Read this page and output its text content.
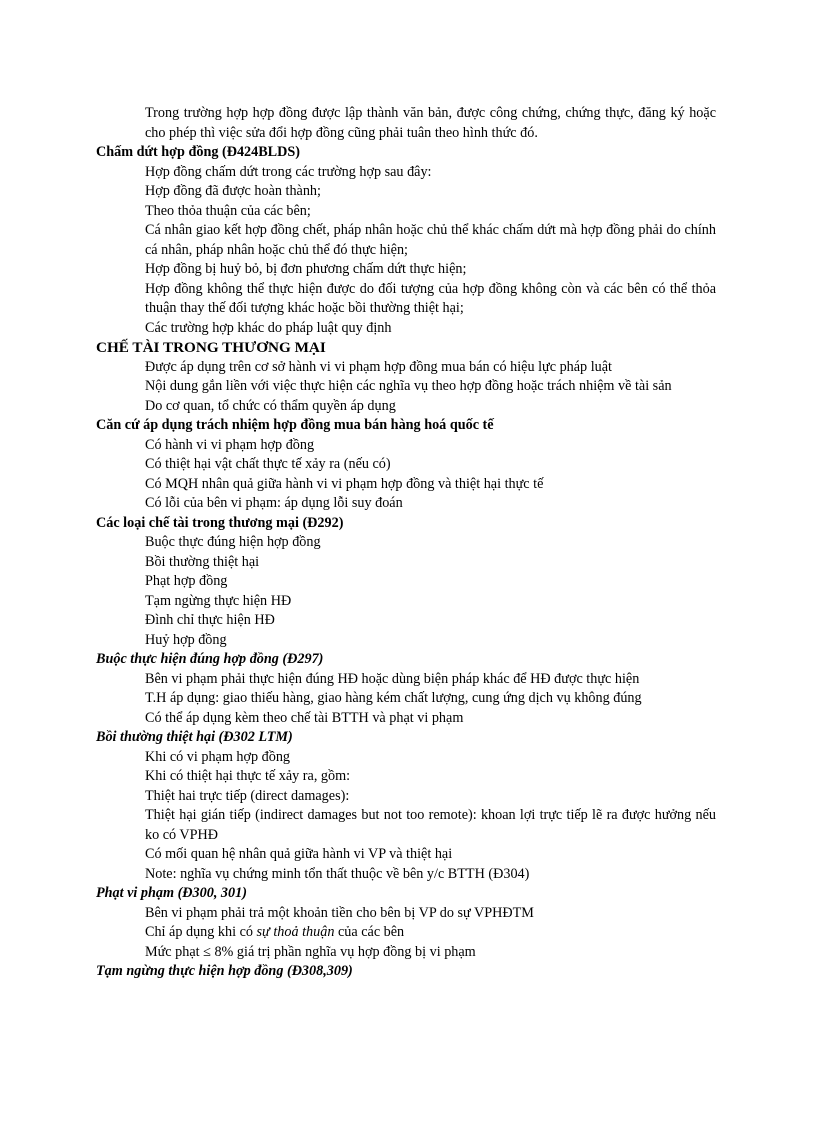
Trong trường hợp hợp đồng được lập thành văn bản, được công chứng, chứng thực, đăng ký hoặc cho phép thì việc sửa đổi hợp đồng cũng phải tuân theo hình thức đó.

Chấm dứt hợp đồng (Đ424BLDS)

Hợp đồng chấm dứt trong các trường hợp sau đây:

Hợp đồng đã được hoàn thành;

Theo thỏa thuận của các bên;

Cá nhân giao kết hợp đồng chết, pháp nhân hoặc chủ thể khác chấm dứt mà hợp đồng phải do chính cá nhân, pháp nhân hoặc chủ thể đó thực hiện;

Hợp đồng bị huỷ bỏ, bị đơn phương chấm dứt thực hiện;

Hợp đồng không thể thực hiện được do đối tượng của hợp đồng không còn và các bên có thể thỏa thuận thay thế đối tượng khác hoặc bồi thường thiệt hại;

Các trường hợp khác do pháp luật quy định

CHẾ TÀI TRONG THƯƠNG MẠI

Được áp dụng trên cơ sở hành vi vi phạm hợp đồng mua bán có hiệu lực pháp luật

Nội dung gắn liền với việc thực hiện các nghĩa vụ theo hợp đồng hoặc trách nhiệm về tài sản

Do cơ quan, tổ chức có thẩm quyền áp dụng

Căn cứ áp dụng trách nhiệm hợp đồng mua bán hàng hoá quốc tế

Có hành vi vi phạm hợp đồng

Có thiệt hại vật chất thực tế xảy ra (nếu có)

Có MQH nhân quả giữa hành vi vi phạm hợp đồng và thiệt hại thực tế

Có lỗi của bên vi phạm: áp dụng lỗi suy đoán

Các loại chế tài trong thương mại (Đ292)

Buộc thực đúng hiện hợp đồng

Bồi thường thiệt hại

Phạt hợp đồng

Tạm ngừng thực hiện HĐ

Đình chỉ thực hiện HĐ

Huỷ hợp đồng

Buộc thực hiện đúng hợp đồng (Đ297)

Bên vi phạm phải thực hiện đúng HĐ hoặc dùng biện pháp khác để HĐ được thực hiện

T.H áp dụng: giao thiếu hàng, giao hàng kém chất lượng, cung ứng dịch vụ không đúng

Có thể áp dụng kèm theo chế tài BTTH và phạt vi phạm

Bồi thường thiệt hại (Đ302 LTM)

Khi có vi phạm hợp đồng

Khi có thiệt hại thực tế xảy ra, gồm:

Thiệt hai trực tiếp (direct damages):

Thiệt hại gián tiếp (indirect damages but not too remote): khoan lợi trực tiếp lẽ ra được hưởng nếu ko có VPHĐ

Có mối quan hệ nhân quả giữa hành vi VP và thiệt hại

Note: nghĩa vụ chứng minh tổn thất thuộc về bên y/c BTTH (Đ304)

Phạt vi phạm (Đ300, 301)

Bên vi phạm phải trả một khoản tiền cho bên bị VP do sự VPHĐTM

Chỉ áp dụng khi có sự thoả thuận của các bên

Mức phạt ≤ 8% giá trị phần nghĩa vụ hợp đồng bị vi phạm

Tạm ngừng thực hiện hợp đồng (Đ308,309)
